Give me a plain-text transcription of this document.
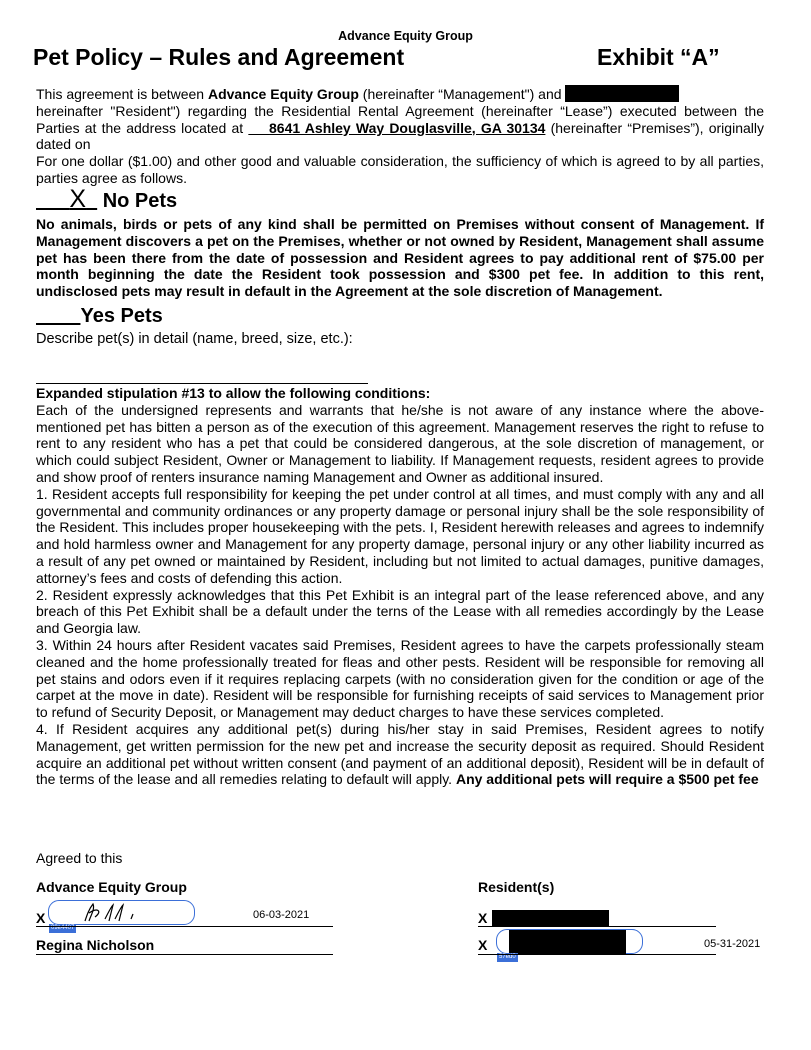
Advance Equity Group
Pet Policy – Rules and Agreement	Exhibit “A”

This agreement is between Advance Equity Group (hereinafter “Management") and
hereinafter "Resident") regarding the Residential Rental Agreement (hereinafter “Lease”) executed between the Parties at the address located at     8641 Ashley Way Douglasville, GA 30134 (hereinafter “Premises”), originally dated on

For one dollar ($1.00) and other good and valuable consideration, the sufficiency of which is agreed to by all parties, parties agree as follows.

X No Pets
No animals, birds or pets of any kind shall be permitted on Premises without consent of Management. If Management discovers a pet on the Premises, whether or not owned by Resident, Management shall assume pet has been there from the date of possession and Resident agrees to pay additional rent of $75.00 per month beginning the date the Resident took possession and $300 pet fee. In addition to this rent, undisclosed pets may result in default in the Agreement at the sole discretion of Management.
Yes Pets
Describe pet(s) in detail (name, breed, size, etc.):

Expanded stipulation #13 to allow the following conditions:

Each of the undersigned represents and warrants that he/she is not aware of any instance where the above-mentioned pet has bitten a person as of the execution of this agreement. Management reserves the right to refuse to rent to any resident who has a pet that could be considered dangerous, at the sole discretion of management, or which could subject Resident, Owner or Management to liability. If Management requests, resident agrees to provide and show proof of renters insurance naming Management and Owner as additional insured.

1. Resident accepts full responsibility for keeping the pet under control at all times, and must comply with any and all governmental and community ordinances or any property damage or personal injury shall be the sole responsibility of the Resident. This includes proper housekeeping with the pets. I, Resident herewith releases and agrees to indemnify and hold harmless owner and Management for any property damage, personal injury or any other liability incurred as a result of any pet owned or maintained by Resident, including but not limited to actual damages, punitive damages, attorney’s fees and costs of defending this action.

2. Resident expressly acknowledges that this Pet Exhibit is an integral part of the lease referenced above, and any breach of this Pet Exhibit shall be a default under the terns of the Lease with all remedies accordingly by the Lease and Georgia law.

3. Within 24 hours after Resident vacates said Premises, Resident agrees to have the carpets professionally steam cleaned and the home professionally treated for fleas and other pests. Resident will be responsible for removing all pet stains and odors even if it requires replacing carpets (with no consideration given for the condition or age of the carpet at the move in date). Resident will be responsible for furnishing receipts of said services to Management prior to refund of Security Deposit, or Management may deduct charges to have these services completed.

4. If Resident acquires any additional pet(s) during his/her stay in said Premises, Resident agrees to notify Management, get written permission for the new pet and increase the security deposit as required. Should Resident acquire an additional pet without written consent (and payment of an additional deposit), Resident will be in default of the terms of the lease and all remedies relating to default will apply. Any additional pets will require a $500 pet fee

Agreed to this
Advance Equity Group	Resident(s)
X
09e4407
06-03-2021
Regina Nicholson
X
X
57ed0
05-31-2021
